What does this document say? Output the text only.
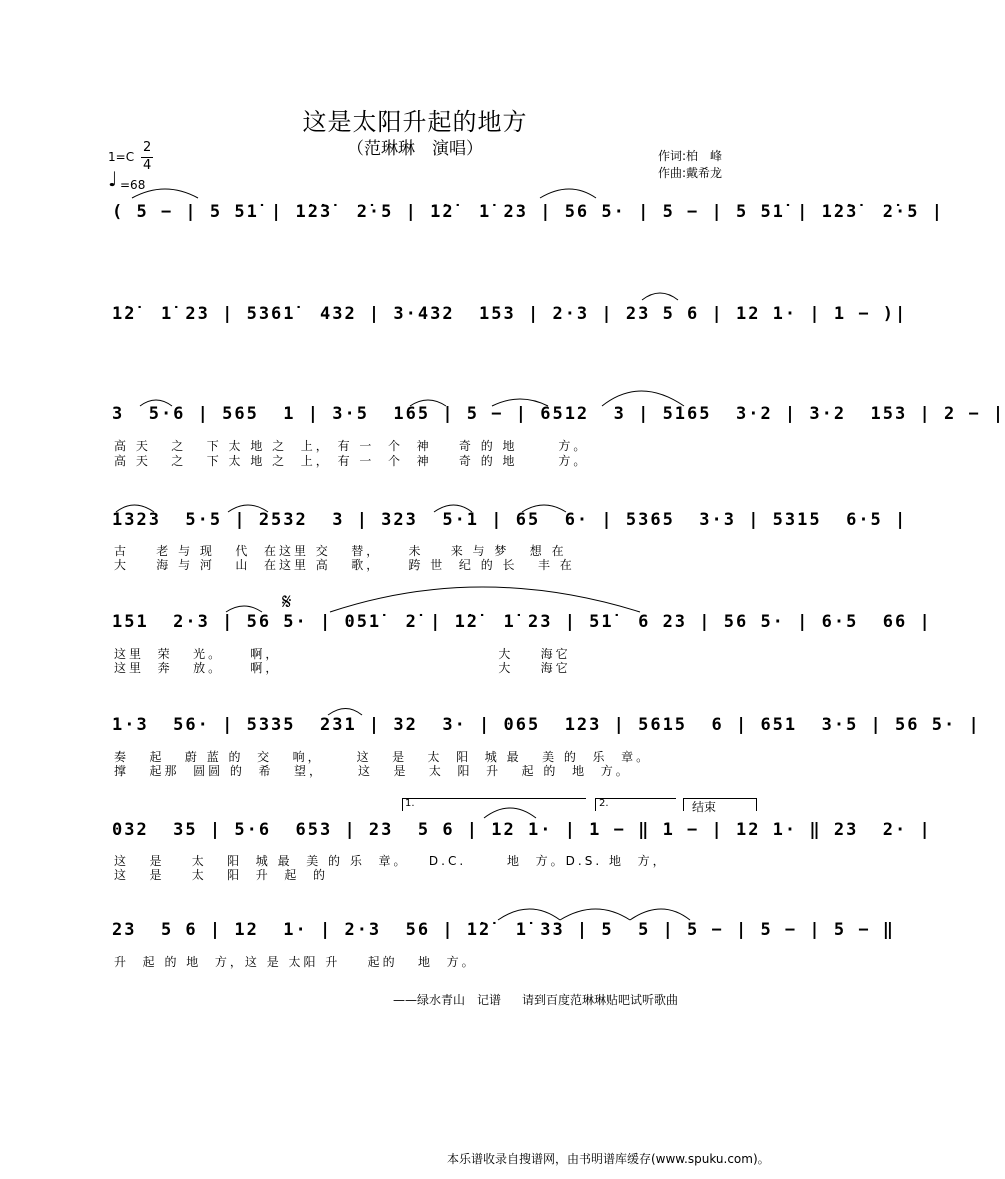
这是太阳升起的地方
（范琳琳　演唱）
1=C
2
4
♩ =68
作词:柏　峰
作曲:戴希龙
( 5 − | 5 51̇ | 1̇2̇3̇  2̇·5 | 1̇2̇  1̇ 23 | 56 5· | 5 − | 5 51̇ | 1̇2̇3̇  2̇·5 |
1̇2̇  1̇ 23 | 5361̇  432 | 3·432  153 | 2·3 | 23 5 6 | 12 1· | 1 − )|
3  5·6 | 565  1 | 3·5  165 | 5 − | 6512  3 | 5165  3·2 | 3·2  153 | 2 − |
高 天   之   下 太 地 之  上， 有 一  个  神    奇 的 地      方。
高 天   之   下 太 地 之  上， 有 一  个  神    奇 的 地      方。
1323  5·5 | 2532  3 | 323  5·1 | 65  6· | 5365  3·3 | 5315  6·5 |
古    老 与 现   代  在这里 交   替，    未    来 与 梦   想 在
大    海 与 河   山  在这里 高   歌，    跨 世  纪 的 长   丰 在
151  2·3 | 56 5· | 051̇  2̇ | 1̇2̇  1̇ 23 | 51̇  6 23 | 56 5· | 6·5  66 |
这里  荣   光。    啊，                                大    海它
这里  奔   放。    啊，                                大    海它
𝄋
1·3  56· | 5335  231 | 32  3· | 065  123 | 5615  6 | 651  3·5 | 56 5· |
奏   起   蔚 蓝 的  交   响，     这   是   太  阳  城 最   美 的  乐  章。
撑   起那  圆圆 的  希   望，     这   是   太  阳  升   起 的  地  方。
1.	2.	结束
032  35 | 5·6  653 | 23  5 6 | 12 1· | 1 − ‖ 1 − | 12 1· ‖ 23  2· |
这   是    太   阳  城 最  美 的 乐  章。   D.C.      地  方。D.S. 地  方，
这   是    太   阳  升  起  的
23  5 6 | 12  1· | 2·3  56 | 1̇2̇  1̇ 33 | 5  5 | 5 − | 5 − | 5 − ‖
升  起 的 地  方，这 是 太阳 升    起的   地  方。
——绿水青山　记谱 请到百度范琳琳贴吧试听歌曲
本乐谱收录自搜谱网，由书明谱库缓存(www.spuku.com)。
